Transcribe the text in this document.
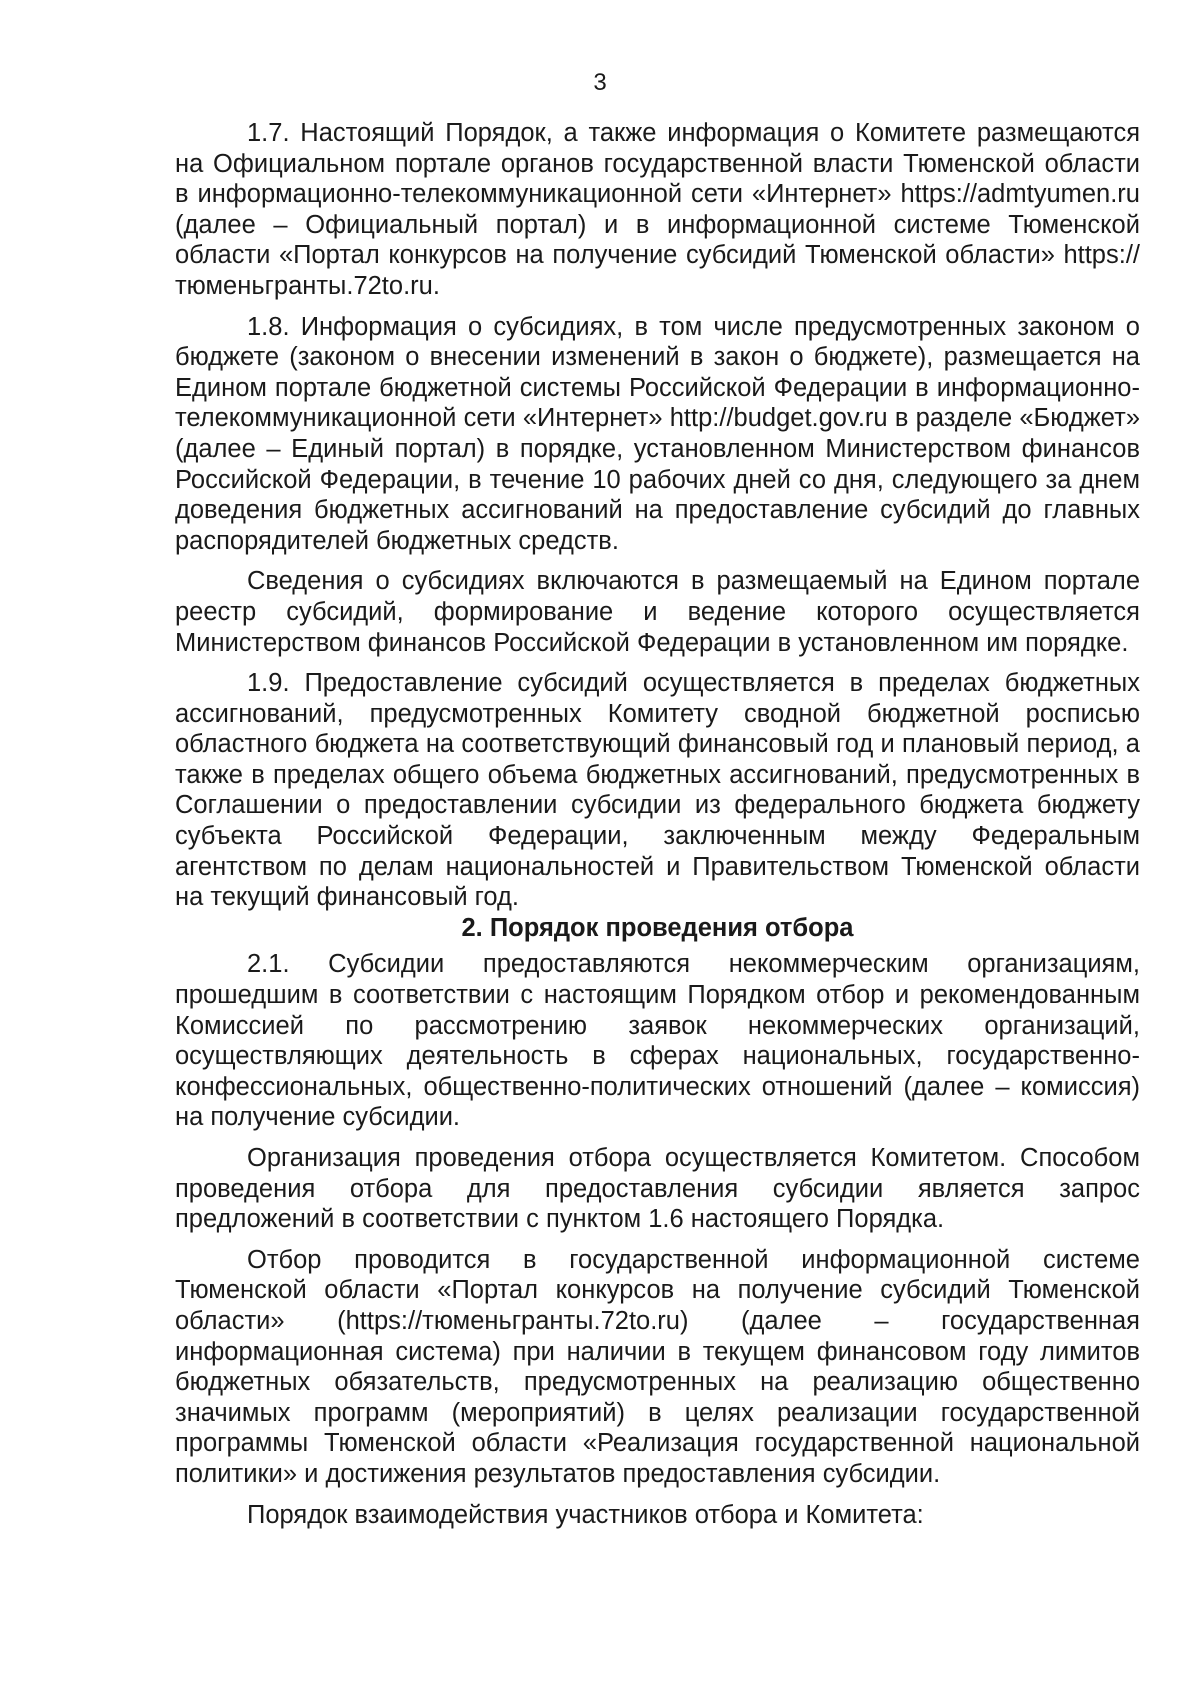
3

1.7. Настоящий Порядок, а также информация о Комитете размещаются на Официальном портале органов государственной власти Тюменской области в информационно-телекоммуникационной сети «Интернет» https://admtyumen.ru (далее – Официальный портал) и в информационной системе Тюменской области «Портал конкурсов на получение субсидий Тюменской области» https://тюменьгранты.72to.ru.

1.8. Информация о субсидиях, в том числе предусмотренных законом о бюджете (законом о внесении изменений в закон о бюджете), размещается на Едином портале бюджетной системы Российской Федерации в информационно-телекоммуникационной сети «Интернет» http://budget.gov.ru в разделе «Бюджет» (далее – Единый портал) в порядке, установленном Министерством финансов Российской Федерации, в течение 10 рабочих дней со дня, следующего за днем доведения бюджетных ассигнований на предоставление субсидий до главных распорядителей бюджетных средств.

Сведения о субсидиях включаются в размещаемый на Едином портале реестр субсидий, формирование и ведение которого осуществляется Министерством финансов Российской Федерации в установленном им порядке.

1.9. Предоставление субсидий осуществляется в пределах бюджетных ассигнований, предусмотренных Комитету сводной бюджетной росписью областного бюджета на соответствующий финансовый год и плановый период, а также в пределах общего объема бюджетных ассигнований, предусмотренных в Соглашении о предоставлении субсидии из федерального бюджета бюджету субъекта Российской Федерации, заключенным между Федеральным агентством по делам национальностей и Правительством Тюменской области на текущий финансовый год.

2. Порядок проведения отбора

2.1. Субсидии предоставляются некоммерческим организациям, прошедшим в соответствии с настоящим Порядком отбор и рекомендованным Комиссией по рассмотрению заявок некоммерческих организаций, осуществляющих деятельность в сферах национальных, государственно-конфессиональных, общественно-политических отношений (далее – комиссия) на получение субсидии.

Организация проведения отбора осуществляется Комитетом. Способом проведения отбора для предоставления субсидии является запрос предложений в соответствии с пунктом 1.6 настоящего Порядка.

Отбор проводится в государственной информационной системе Тюменской области «Портал конкурсов на получение субсидий Тюменской области» (https://тюменьгранты.72to.ru) (далее – государственная информационная система) при наличии в текущем финансовом году лимитов бюджетных обязательств, предусмотренных на реализацию общественно значимых программ (мероприятий) в целях реализации государственной программы Тюменской области «Реализация государственной национальной политики» и достижения результатов предоставления субсидии.

Порядок взаимодействия участников отбора и Комитета:
